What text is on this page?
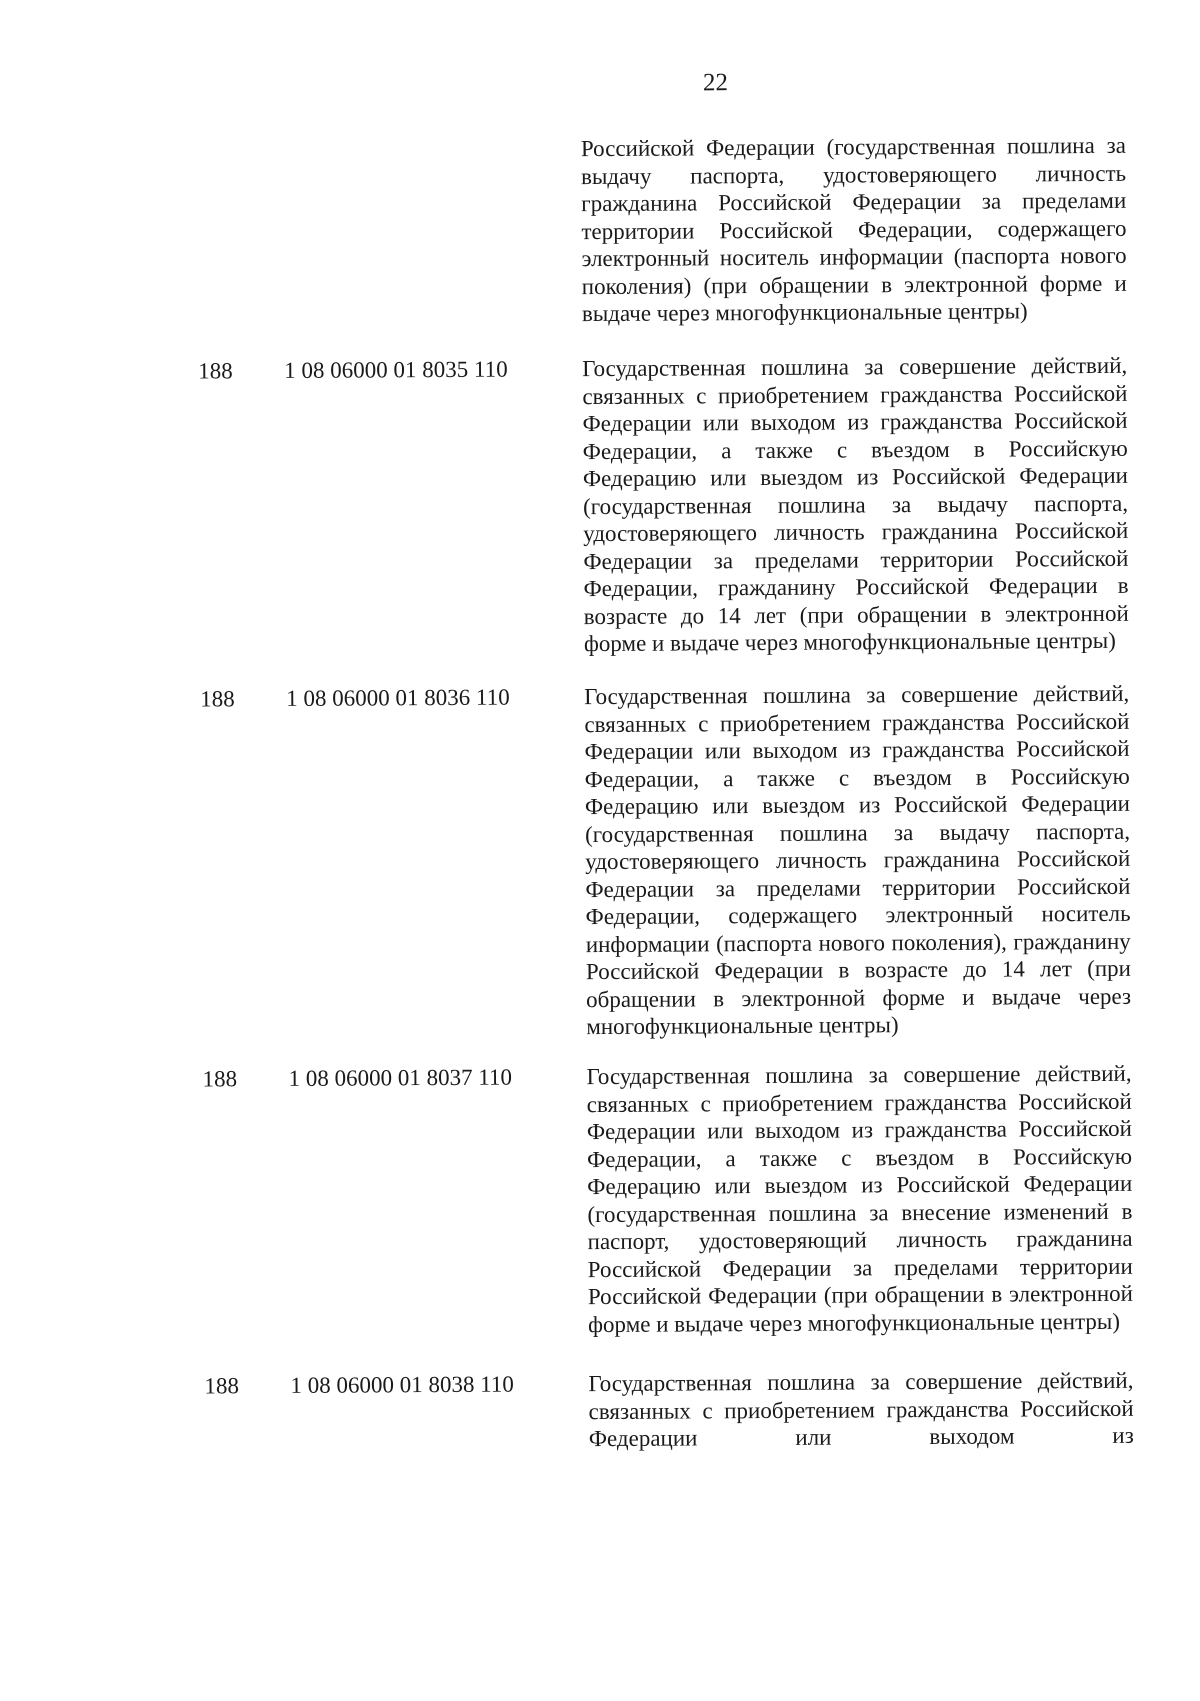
22
Российской Федерации (государственная пошлина за выдачу паспорта, удостоверяющего личность гражданина Российской Федерации за пределами территории Российской Федерации, содержащего электронный носитель информации (паспорта нового поколения) (при обращении в электронной форме и выдаче через многофункциональные центры)
188 1 08 06000 01 8035 110	Государственная пошлина за совершение действий, связанных с приобретением гражданства Российской Федерации или выходом из гражданства Российской Федерации, а также с въездом в Российскую Федерацию или выездом из Российской Федерации (государственная пошлина за выдачу паспорта, удостоверяющего личность гражданина Российской Федерации за пределами территории Российской Федерации, гражданину Российской Федерации в возрасте до 14 лет (при обращении в электронной форме и выдаче через многофункциональные центры)
188 1 08 06000 01 8036 110	Государственная пошлина за совершение действий, связанных с приобретением гражданства Российской Федерации или выходом из гражданства Российской Федерации, а также с въездом в Российскую Федерацию или выездом из Российской Федерации (государственная пошлина за выдачу паспорта, удостоверяющего личность гражданина Российской Федерации за пределами территории Российской Федерации, содержащего электронный носитель информации (паспорта нового поколения), гражданину Российской Федерации в возрасте до 14 лет (при обращении в электронной форме и выдаче через многофункциональные центры)
188 1 08 06000 01 8037 110	Государственная пошлина за совершение действий, связанных с приобретением гражданства Российской Федерации или выходом из гражданства Российской Федерации, а также с въездом в Российскую Федерацию или выездом из Российской Федерации (государственная пошлина за внесение изменений в паспорт, удостоверяющий личность гражданина Российской Федерации за пределами территории Российской Федерации (при обращении в электронной форме и выдаче через многофункциональные центры)
188 1 08 06000 01 8038 110	Государственная пошлина за совершение действий, связанных с приобретением гражданства Российской Федерации или выходом из
